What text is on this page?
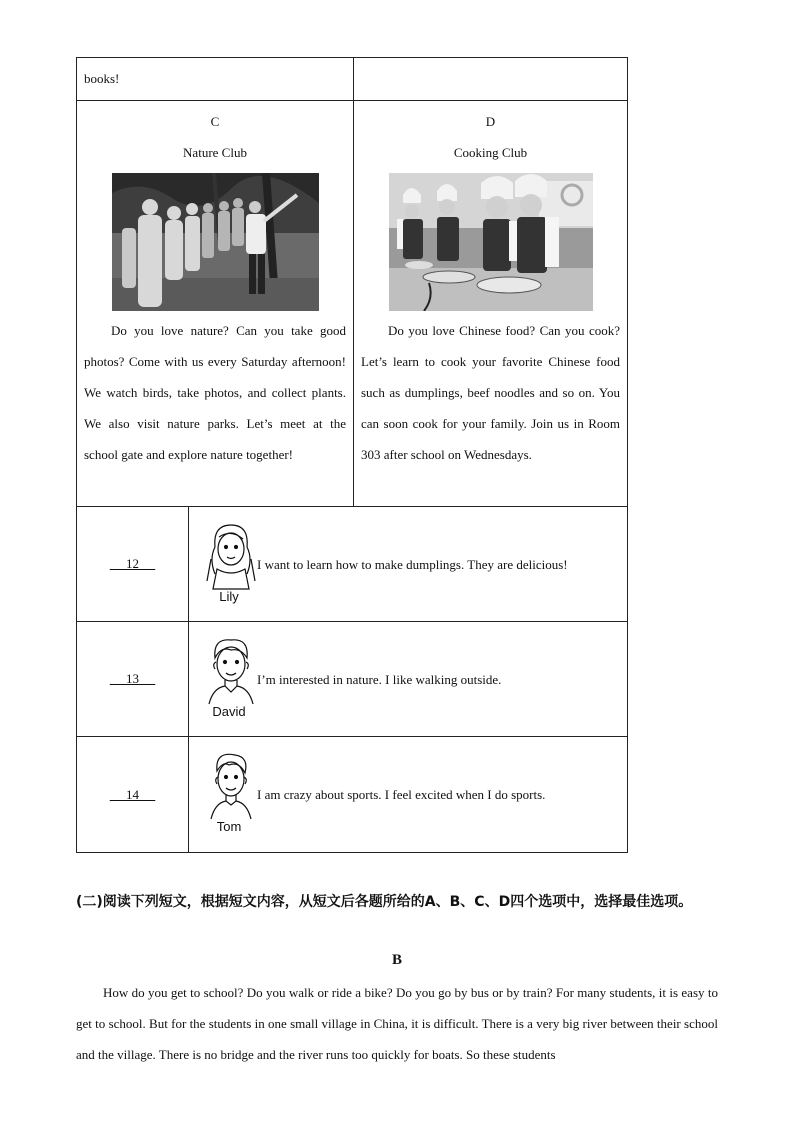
books!
C
Nature Club
Do you love nature? Can you take good photos? Come with us every Saturday afternoon! We watch birds, take photos, and collect plants. We also visit nature parks. Let’s meet at the school gate and explore nature together!
D
Cooking Club
Do you love Chinese food? Can you cook? Let’s learn to cook your favorite Chinese food such as dumplings, beef noodles and so on. You can soon cook for your family. Join us in Room 303 after school on Wednesdays.
12
Lily
I want to learn how to make dumplings. They are delicious!
13
David
I’m interested in nature. I like walking outside.
14
Tom
I am crazy about sports. I feel excited when I do sports.
(二)阅读下列短文，根据短文内容，从短文后各题所给的A、B、C、D四个选项中，选择最佳选项。
B

How do you get to school? Do you walk or ride a bike? Do you go by bus or by train? For many students, it is easy to get to school. But for the students in one small village in China, it is difficult. There is a very big river between their school and the village. There is no bridge and the river runs too quickly for boats. So these students
